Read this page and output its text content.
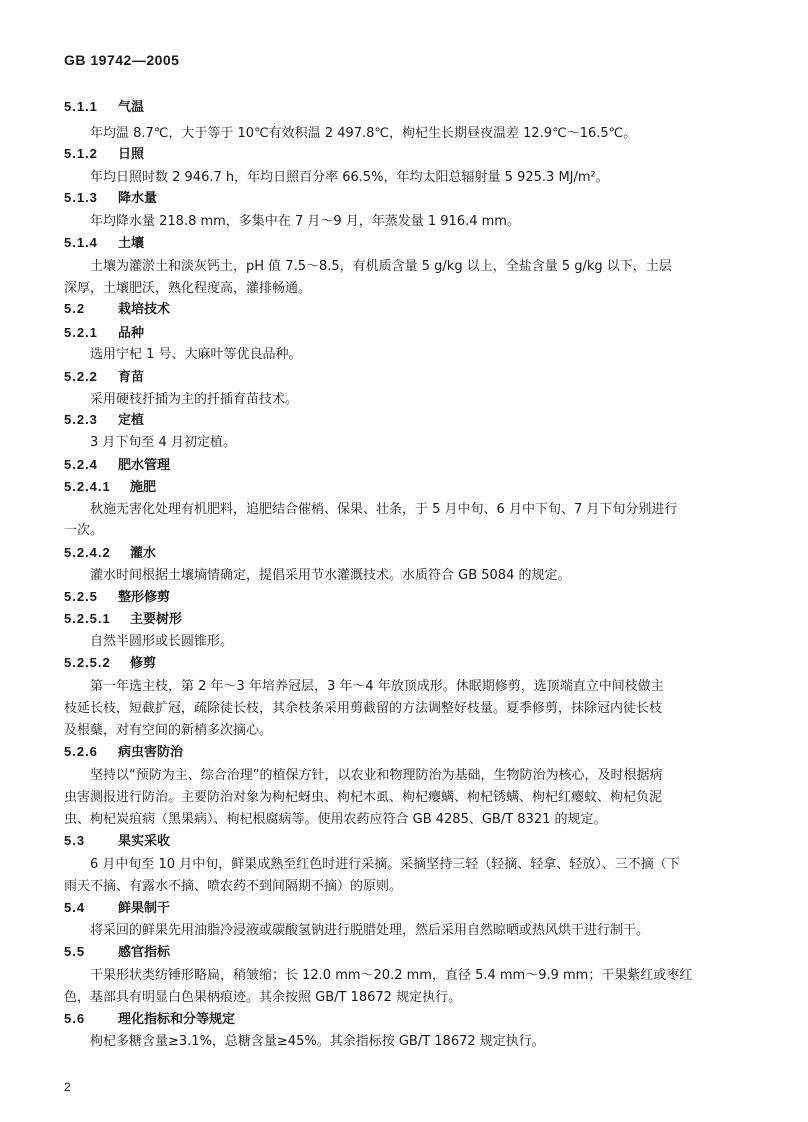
GB 19742—2005
5.1.1 气温
年均温 8.7℃，大于等于 10℃有效积温 2 497.8℃，枸杞生长期昼夜温差 12.9℃～16.5℃。
5.1.2 日照
年均日照时数 2 946.7 h，年均日照百分率 66.5%，年均太阳总辐射量 5 925.3 MJ/m²。
5.1.3 降水量
年均降水量 218.8 mm，多集中在 7 月～9 月，年蒸发量 1 916.4 mm。
5.1.4 土壤
土壤为灌淤土和淡灰钙土，pH 值 7.5～8.5，有机质含量 5 g/kg 以上，全盐含量 5 g/kg 以下，土层
深厚，土壤肥沃，熟化程度高，灌排畅通。
5.2	栽培技术
5.2.1 品种
选用宁杞 1 号、大麻叶等优良品种。
5.2.2 育苗
采用硬枝扦插为主的扦插育苗技术。
5.2.3 定植
3 月下旬至 4 月初定植。
5.2.4 肥水管理
5.2.4.1 施肥
秋施无害化处理有机肥料，追肥结合催梢、保果、壮条，于 5 月中旬、6 月中下旬、7 月下旬分别进行
一次。
5.2.4.2 灌水
灌水时间根据土壤墒情确定，提倡采用节水灌溉技术。水质符合 GB 5084 的规定。
5.2.5 整形修剪
5.2.5.1 主要树形
自然半圆形或长圆锥形。
5.2.5.2 修剪
第一年选主枝，第 2 年～3 年培养冠层，3 年～4 年放顶成形。休眠期修剪，选顶端直立中间枝做主
枝延长枝，短截扩冠，疏除徒长枝，其余枝条采用剪截留的方法调整好枝量。夏季修剪，抹除冠内徒长枝
及根蘖，对有空间的新梢多次摘心。
5.2.6 病虫害防治
坚持以“预防为主、综合治理”的植保方针，以农业和物理防治为基础，生物防治为核心，及时根据病
虫害测报进行防治。主要防治对象为枸杞蚜虫、枸杞木虱、枸杞瘿螨、枸杞锈螨、枸杞红瘿蚊、枸杞负泥
虫、枸杞炭疽病（黑果病）、枸杞根腐病等。使用农药应符合 GB 4285、GB/T 8321 的规定。
5.3	果实采收
6 月中旬至 10 月中旬，鲜果成熟至红色时进行采摘。采摘坚持三轻（轻摘、轻拿、轻放）、三不摘（下
雨天不摘、有露水不摘、喷农药不到间隔期不摘）的原则。
5.4	鲜果制干
将采回的鲜果先用油脂冷浸液或碳酸氢钠进行脱腊处理，然后采用自然晾晒或热风烘干进行制干。
5.5	感官指标
干果形状类纺锤形略扁，稍皱缩；长 12.0 mm～20.2 mm，直径 5.4 mm～9.9 mm；干果紫红或枣红
色，基部具有明显白色果柄痕迹。其余按照 GB/T 18672 规定执行。
5.6	理化指标和分等规定
枸杞多糖含量≥3.1%，总糖含量≥45%。其余指标按 GB/T 18672 规定执行。
2
